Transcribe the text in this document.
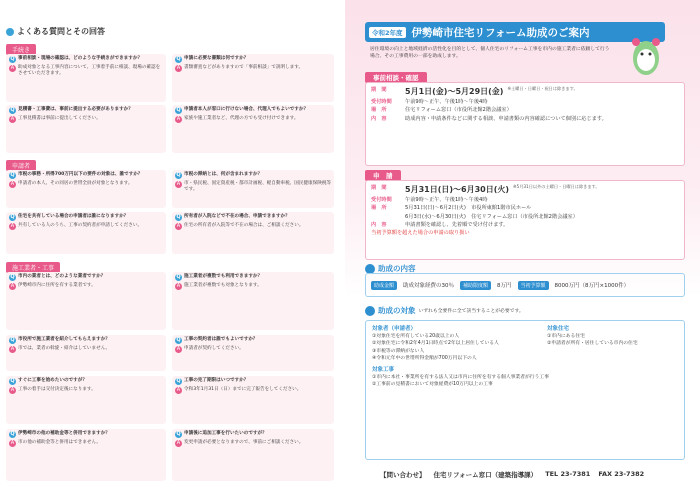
よくある質問とその回答
手続き
Q 事前相談・現場の確認は、どのような手続きができますか？
A 助成対象となる工事内容について、工事着手前に相談、現場の確認をさせていただきます。
Q 申請に必要な書類は何ですか？
A 書類審査などがありますので「事前相談」で説明します。
Q 見積書・工事費は、事前に提出する必要がありますか？
A 工事見積書は事前に提出してください。
Q 申請者本人が窓口に行けない場合、代理人でもよいですか？
A 家族や施工業者など、代理の方でも受け付けできます。
申請者
Q 市税の事務・所得700万円以下の要件の対象は、誰ですか？
A 申請者の本人、その同居の世帯全員が対象となります。
Q 市税の滞納とは、何が含まれますか？
A 市・県民税、固定資産税・都市計画税、軽自動車税、国民健康保険税等です。
Q 住宅を共有している場合の申請者は誰になりますか？
A 共有している人のうち、工事の契約者が申請してください。
Q 所有者が入院などで不在の場合、申請できますか？
A 住宅の所有者が入院等で不在の場合は、ご相談ください。
施工業者・工事
Q 市内の業者とは、どのような業者ですか？
A 伊勢崎市内に住所を有する業者です。
Q 施工業者が複数でも利用できますか？
A 施工業者が複数でも対象となります。
Q 市役所で施工業者を紹介してもらえますか？
A 市では、業者の斡旋・紹介はしていません。
Q 工事の契約者は誰でもよいですか？
A 申請者が契約してください。
Q すぐに工事を始めたいのですが？
A 工事の着手は交付決定後になります。
Q 工事の完了期限はいつですか？
A 令和3年1月31日（日）までに完了報告をしてください。
Q 伊勢崎市の他の補助金等と併用できますか？
A 市の他の補助金等と併用はできません。
Q 申請後に追加工事を行いたいのですが？
A 変更申請が必要となりますので、事前にご相談ください。
令和2年度 伊勢崎市住宅リフォーム助成のご案内
居住環境の向上と地域経済の活性化を目的として、個人住宅のリフォーム工事を市内の施工業者に依頼して行う場合、その工事費用の一部を助成します。
事前相談・確認
期　間	5月1日(金)～5月29日(金) ※土曜日・日曜日・祝日は除きます。
受付時間	午前9時～正午、午後1時～午後4時
場　所	住宅リフォーム窓口（市役所北館2階会議室）
内　容	助成内容・申請条件などに関する相談、申請書類の内容確認について個別に応じます。
申　請
期　間	5月31日(日)～6月30日(火) ※5月31日以外の土曜日・日曜日は除きます。
受付時間	午前9時～正午、午後1時～午後4時
場　所	5月31日(日)～6月2日(火)　市役所東館1階市民ホール
6月3日(水)～6月30日(火)　住宅リフォーム窓口（市役所北館2階会議室）
内　容	申請書類を確認し、先着順で受け付けます。
当初予算額を超えた場合の申請の取り扱い
助成の内容
助成金額	助成対象経費の30％	補助限度額	8万円	当初予算額	8000万円（8万円×1000件）
助成の対象 いずれも全要件に全て該当することが必要です。
対象者（申請者）
①対象住宅を所有している20歳以上の人
②対象住宅に令和2年4月1日時点で2年以上居住している人
③市税等の滞納がない人
④令和元年中の世帯所得金額が700万円以下の人
対象住宅
①市内にある住宅
②申請者が所有・居住している市内の住宅
対象工事
①市内に本社・事業所を有する法人又は市内に住所を有する個人事業者が行う工事
②工事前の見積書において対象経費が10万円以上の工事
【問い合わせ】 住宅リフォーム窓口（建築指導課） TEL 23-7381 FAX 23-7382
